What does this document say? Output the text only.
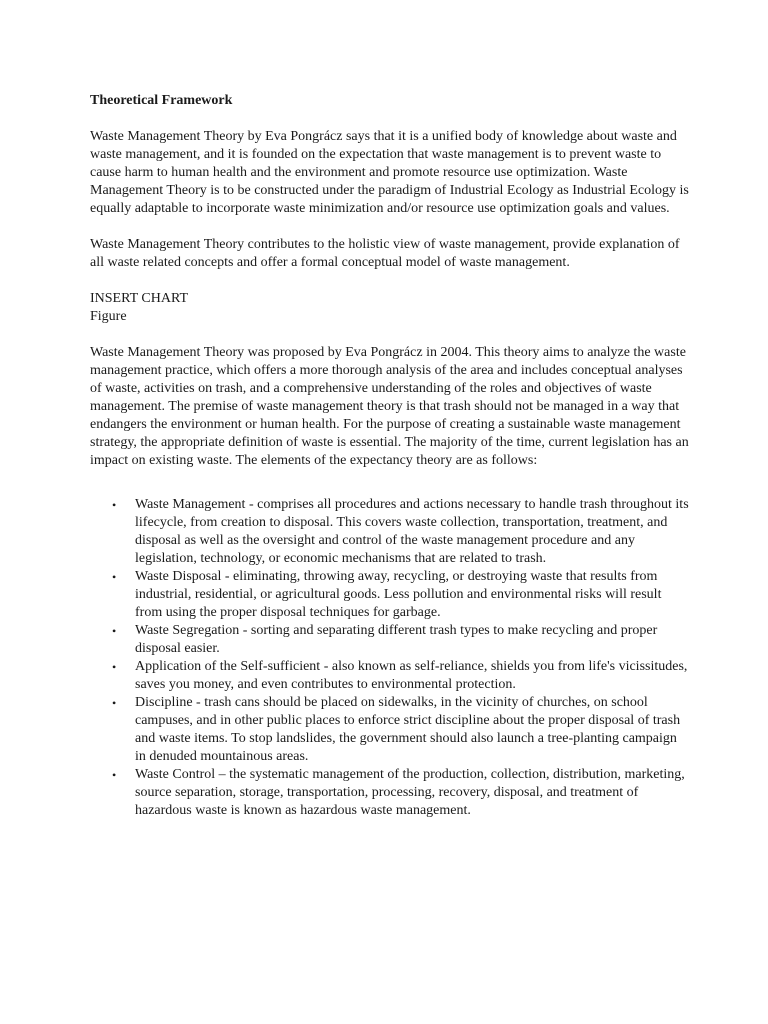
Theoretical Framework

Waste Management Theory by Eva Pongrácz says that it is a unified body of knowledge about waste and waste management, and it is founded on the expectation that waste management is to prevent waste to cause harm to human health and the environment and promote resource use optimization. Waste Management Theory is to be constructed under the paradigm of Industrial Ecology as Industrial Ecology is equally adaptable to incorporate waste minimization and/or resource use optimization goals and values.

Waste Management Theory contributes to the holistic view of waste management, provide explanation of all waste related concepts and offer a formal conceptual model of waste management.

INSERT CHART
Figure

Waste Management Theory was proposed by Eva Pongrácz in 2004. This theory aims to analyze the waste management practice, which offers a more thorough analysis of the area and includes conceptual analyses of waste, activities on trash, and a comprehensive understanding of the roles and objectives of waste management. The premise of waste management theory is that trash should not be managed in a way that endangers the environment or human health. For the purpose of creating a sustainable waste management strategy, the appropriate definition of waste is essential. The majority of the time, current legislation has an impact on existing waste. The elements of the expectancy theory are as follows:

• Waste Management - comprises all procedures and actions necessary to handle trash throughout its lifecycle, from creation to disposal. This covers waste collection, transportation, treatment, and disposal as well as the oversight and control of the waste management procedure and any legislation, technology, or economic mechanisms that are related to trash.
• Waste Disposal - eliminating, throwing away, recycling, or destroying waste that results from industrial, residential, or agricultural goods. Less pollution and environmental risks will result from using the proper disposal techniques for garbage.
• Waste Segregation - sorting and separating different trash types to make recycling and proper disposal easier.
• Application of the Self-sufficient - also known as self-reliance, shields you from life's vicissitudes, saves you money, and even contributes to environmental protection.
• Discipline - trash cans should be placed on sidewalks, in the vicinity of churches, on school campuses, and in other public places to enforce strict discipline about the proper disposal of trash and waste items. To stop landslides, the government should also launch a tree-planting campaign in denuded mountainous areas.
• Waste Control – the systematic management of the production, collection, distribution, marketing, source separation, storage, transportation, processing, recovery, disposal, and treatment of hazardous waste is known as hazardous waste management.
